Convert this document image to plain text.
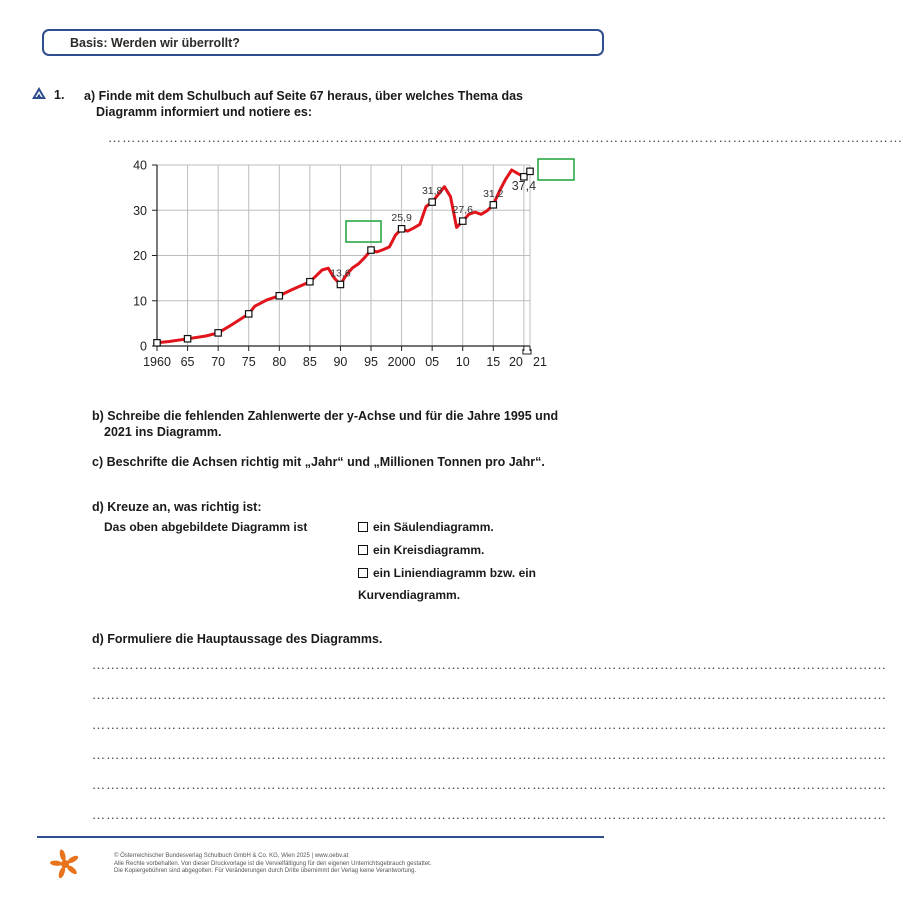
Basis: Werden wir überrollt?
1. a) Finde mit dem Schulbuch auf Seite 67 heraus, über welches Thema das
Diagramm informiert und notiere es:
……………………………………………………………………………………………………………………………………………………
0
10
20
30
40
1960 65 70 75 80 85 90 95 2000 05 10 15 20 21
13,6
25,9
31,8
27,6
31,2
37,4
b) Schreibe die fehlenden Zahlenwerte der y-Achse und für die Jahre 1995 und
2021 ins Diagramm.
c) Beschrifte die Achsen richtig mit „Jahr“ und „Millionen Tonnen pro Jahr“.
d) Kreuze an, was richtig ist:
Das oben abgebildete Diagramm ist	ein Säulendiagramm.
ein Kreisdiagramm.
ein Liniendiagramm bzw. ein
Kurvendiagramm.
d) Formuliere die Hauptaussage des Diagramms.
……………………………………………………………………………………………………………………………………………………
……………………………………………………………………………………………………………………………………………………
……………………………………………………………………………………………………………………………………………………
……………………………………………………………………………………………………………………………………………………
……………………………………………………………………………………………………………………………………………………
……………………………………………………………………………………………………………………………………………………
© Österreichischer Bundesverlag Schulbuch GmbH & Co. KG, Wien 2025 | www.oebv.at
Alle Rechte vorbehalten. Von dieser Druckvorlage ist die Vervielfältigung für den eigenen Unterrichtsgebrauch gestattet.
Die Kopiergebühren sind abgegolten. Für Veränderungen durch Dritte übernimmt der Verlag keine Verantwortung.
